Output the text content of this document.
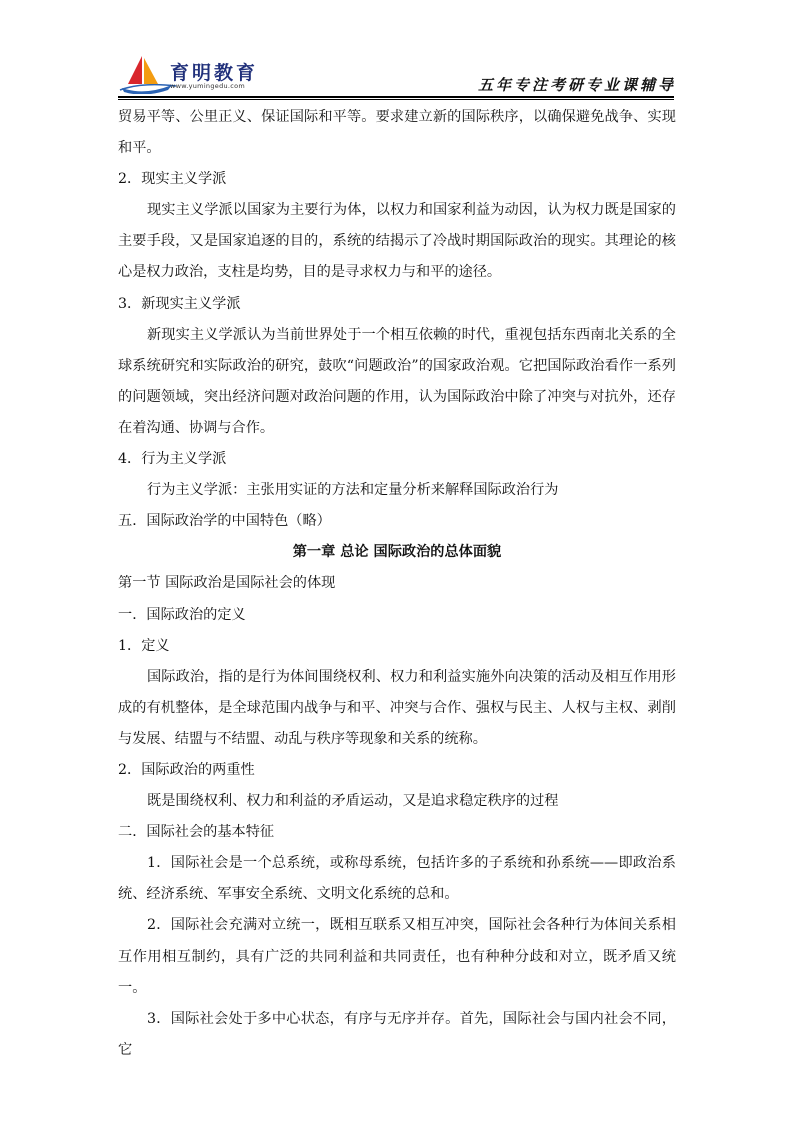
育明教育
www.yumingedu.com	五年专注考研专业课辅导

贸易平等、公里正义、保证国际和平等。要求建立新的国际秩序，以确保避免战争、实现和平。

2．现实主义学派

现实主义学派以国家为主要行为体，以权力和国家利益为动因，认为权力既是国家的主要手段，又是国家追逐的目的，系统的结揭示了冷战时期国际政治的现实。其理论的核心是权力政治，支柱是均势，目的是寻求权力与和平的途径。

3．新现实主义学派

新现实主义学派认为当前世界处于一个相互依赖的时代，重视包括东西南北关系的全球系统研究和实际政治的研究，鼓吹“问题政治”的国家政治观。它把国际政治看作一系列的问题领域，突出经济问题对政治问题的作用，认为国际政治中除了冲突与对抗外，还存在着沟通、协调与合作。

4．行为主义学派

行为主义学派：主张用实证的方法和定量分析来解释国际政治行为

五．国际政治学的中国特色（略）

第一章 总论 国际政治的总体面貌

第一节 国际政治是国际社会的体现

一．国际政治的定义

1．定义

国际政治，指的是行为体间围绕权利、权力和利益实施外向决策的活动及相互作用形成的有机整体，是全球范围内战争与和平、冲突与合作、强权与民主、人权与主权、剥削与发展、结盟与不结盟、动乱与秩序等现象和关系的统称。

2．国际政治的两重性

既是围绕权利、权力和利益的矛盾运动，又是追求稳定秩序的过程

二．国际社会的基本特征

1．国际社会是一个总系统，或称母系统，包括许多的子系统和孙系统——即政治系统、经济系统、军事安全系统、文明文化系统的总和。

2．国际社会充满对立统一，既相互联系又相互冲突，国际社会各种行为体间关系相互作用相互制约，具有广泛的共同利益和共同责任，也有种种分歧和对立，既矛盾又统一。

3．国际社会处于多中心状态，有序与无序并存。首先，国际社会与国内社会不同，它
